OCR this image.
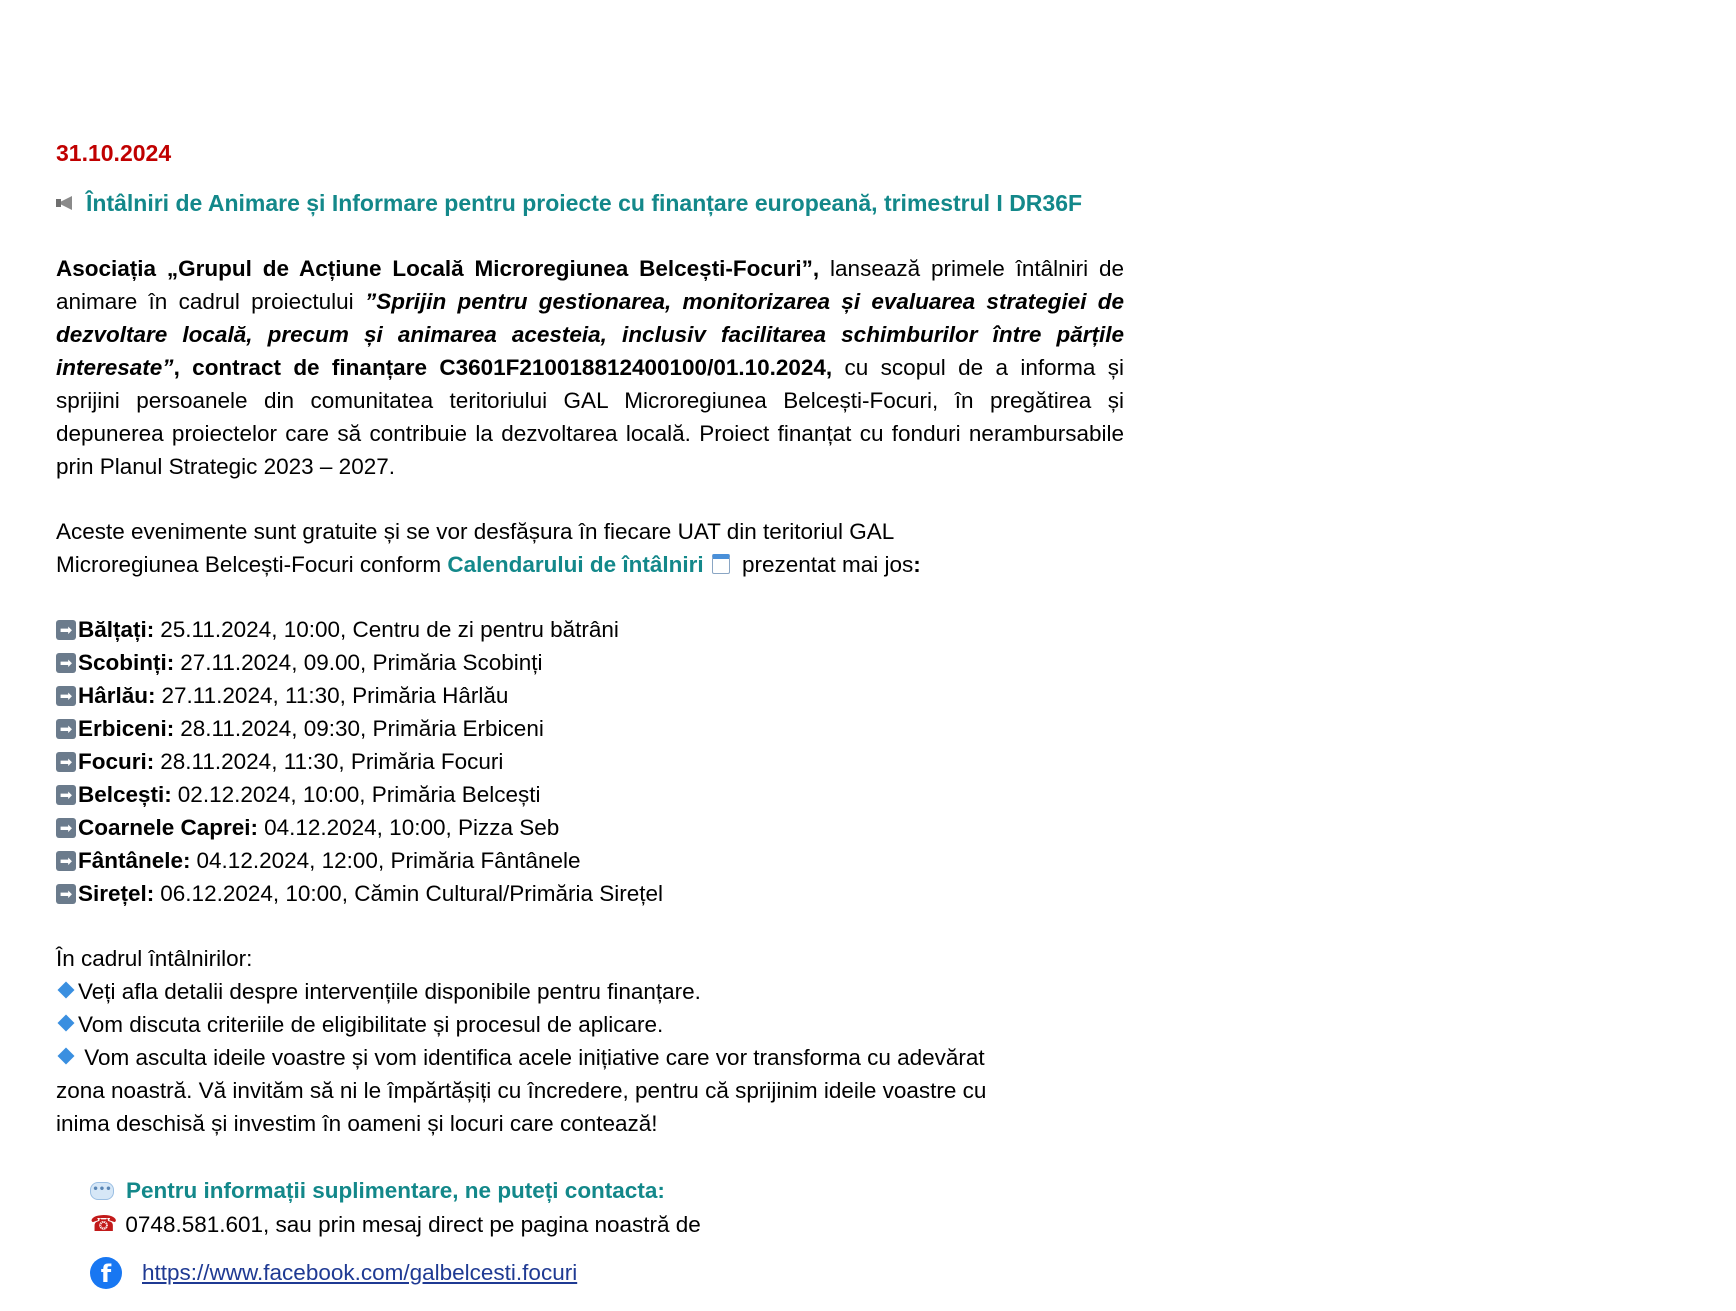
31.10.2024
Întâlniri de Animare și Informare pentru proiecte cu finanțare europeană, trimestrul I DR36F
Asociația „Grupul de Acțiune Locală Microregiunea Belcești-Focuri”, lansează primele întâlniri de animare în cadrul proiectului ”Sprijin pentru gestionarea, monitorizarea și evaluarea strategiei de dezvoltare locală, precum și animarea acesteia, inclusiv facilitarea schimburilor între părțile interesate”, contract de finanțare C3601F210018812400100/01.10.2024, cu scopul de a informa și sprijini persoanele din comunitatea teritoriului GAL Microregiunea Belcești-Focuri, în pregătirea și depunerea proiectelor care să contribuie la dezvoltarea locală. Proiect finanțat cu fonduri nerambursabile prin Planul Strategic 2023 – 2027.
Aceste evenimente sunt gratuite și se vor desfășura în fiecare UAT din teritoriul GAL
Microregiunea Belcești-Focuri conform Calendarului de întâlniri prezentat mai jos:
➡ Bălțați: 25.11.2024, 10:00, Centru de zi pentru bătrâni
➡ Scobinți: 27.11.2024, 09.00, Primăria Scobinți
➡ Hârlău: 27.11.2024, 11:30, Primăria Hârlău
➡ Erbiceni: 28.11.2024, 09:30, Primăria Erbiceni
➡ Focuri: 28.11.2024, 11:30, Primăria Focuri
➡ Belcești: 02.12.2024, 10:00, Primăria Belcești
➡ Coarnele Caprei: 04.12.2024, 10:00, Pizza Seb
➡ Fântânele: 04.12.2024, 12:00, Primăria Fântânele
➡ Sirețel: 06.12.2024, 10:00, Cămin Cultural/Primăria Sirețel
În cadrul întâlnirilor:
Veți afla detalii despre intervențiile disponibile pentru finanțare.
Vom discuta criteriile de eligibilitate și procesul de aplicare.
Vom asculta ideile voastre și vom identifica acele inițiative care vor transforma cu adevărat
zona noastră. Vă invităm să ni le împărtășiți cu încredere, pentru că sprijinim ideile voastre cu
inima deschisă și investim în oameni și locuri care contează!
••• Pentru informații suplimentare, ne puteți contacta:
☎ 0748.581.601, sau prin mesaj direct pe pagina noastră de
f	https://www.facebook.com/galbelcesti.focuri
